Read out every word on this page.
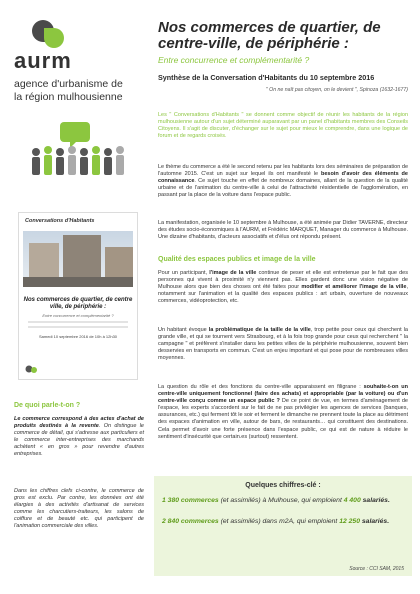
aurm
agence d'urbanisme de
la région mulhousienne
Nos commerces de quartier, de centre-ville, de périphérie :
Entre concurrence et complémentarité ?
Synthèse de la Conversation d'Habitants du 10 septembre 2016
" On ne naît pas citoyen, on le devient ", Spinoza (1632-1677)
Les " Conversations d'Habitants " se donnent comme objectif de réunir les habitants de la région mulhousienne autour d'un sujet déterminé auparavant par un panel d'habitants membres des Conseils Citoyens. Il s'agit de discuter, d'échanger sur le sujet pour mieux le comprendre, dans une logique de forum et de regards croisés.
Le thème du commerce a été le second retenu par les habitants lors des séminaires de préparation de l'automne 2015. C'est un sujet sur lequel ils ont manifesté le besoin d'avoir des éléments de connaissance. Ce sujet touche en effet de nombreux domaines, allant de la question de la qualité urbaine et de l'animation du centre-ville à celui de l'attractivité résidentielle de l'agglomération, en passant par la place de la voiture dans l'espace public.
La manifestation, organisée le 10 septembre à Mulhouse, a été animée par Didier TAVERNE, directeur des études socio-économiques à l'AURM, et Frédéric MARQUET, Manager du commerce à Mulhouse. Une dizaine d'habitants, d'acteurs associatifs et d'élus ont répondu présent.
Qualité des espaces publics et image de la ville
Pour un participant, l'image de la ville continue de peser et elle est entretenue par le fait que des personnes qui vivent à proximité n'y viennent pas. Elles gardent donc une vision négative de Mulhouse alors que bien des choses ont été faites pour modifier et améliorer l'image de la ville, notamment sur l'animation et la qualité des espaces publics : art urbain, ouverture de nouveaux commerces, vidéoprotection, etc.
Un habitant évoque la problématique de la taille de la ville, trop petite pour ceux qui cherchent la grande ville, et qui se tournent vers Strasbourg, et à la fois trop grande pour ceux qui recherchent " la campagne " et préfèrent s'installer dans les petites villes de la périphérie mulhousienne, souvent bien desservies en transports en commun. C'est un enjeu important et qui pose pour de nombreuses villes moyennes.
La question du rôle et des fonctions du centre-ville apparaissent en filigrane : souhaite-t-on un centre-ville uniquement fonctionnel (faire des achats) et appropriable (par la voiture) ou d'un centre-ville conçu comme un espace public ? De ce point de vue, en termes d'aménagement de l'espace, les experts s'accordent sur le fait de ne pas privilégier les agences de services (banques, assurances, etc.) qui ferment tôt le soir et ferment le dimanche ne prennent toute la place au détriment des espaces d'animation en ville, autour de bars, de restaurants… qui constituent des destinations. Cela permet d'avoir une forte présence dans l'espace public, ce qui est de nature à réduire le sentiment d'insécurité que certain.es (surtout) ressentent.
Conversations d'Habitants
Nos commerces de quartier, de centre ville, de périphérie :
Entre concurrence et complémentarité ?
Samedi 10 septembre 2016 de 10h à 12h30
De quoi parle-t-on ?
Le commerce correspond à des actes d'achat de produits destinés à la revente. On distingue le commerce de détail, qui s'adresse aux particuliers et le commerce inter-entreprises des marchands achètent « en gros » pour revendre d'autres entreprises.
Dans les chiffres clefs ci-contre, le commerce de gros est exclu. Par contre, les données ont été élargies à des activités d'artisanat de services comme les charcutiers-traiteurs, les salons de coiffure et de beauté etc. qui participent de l'animation commerciale des villes.
Quelques chiffres-clé :
1 380 commerces (et assimilés) à Mulhouse, qui emploient 4 400 salariés.
2 840 commerces (et assimilés) dans m2A, qui emploient 12 250 salariés.
Source : CCI SAM, 2015
